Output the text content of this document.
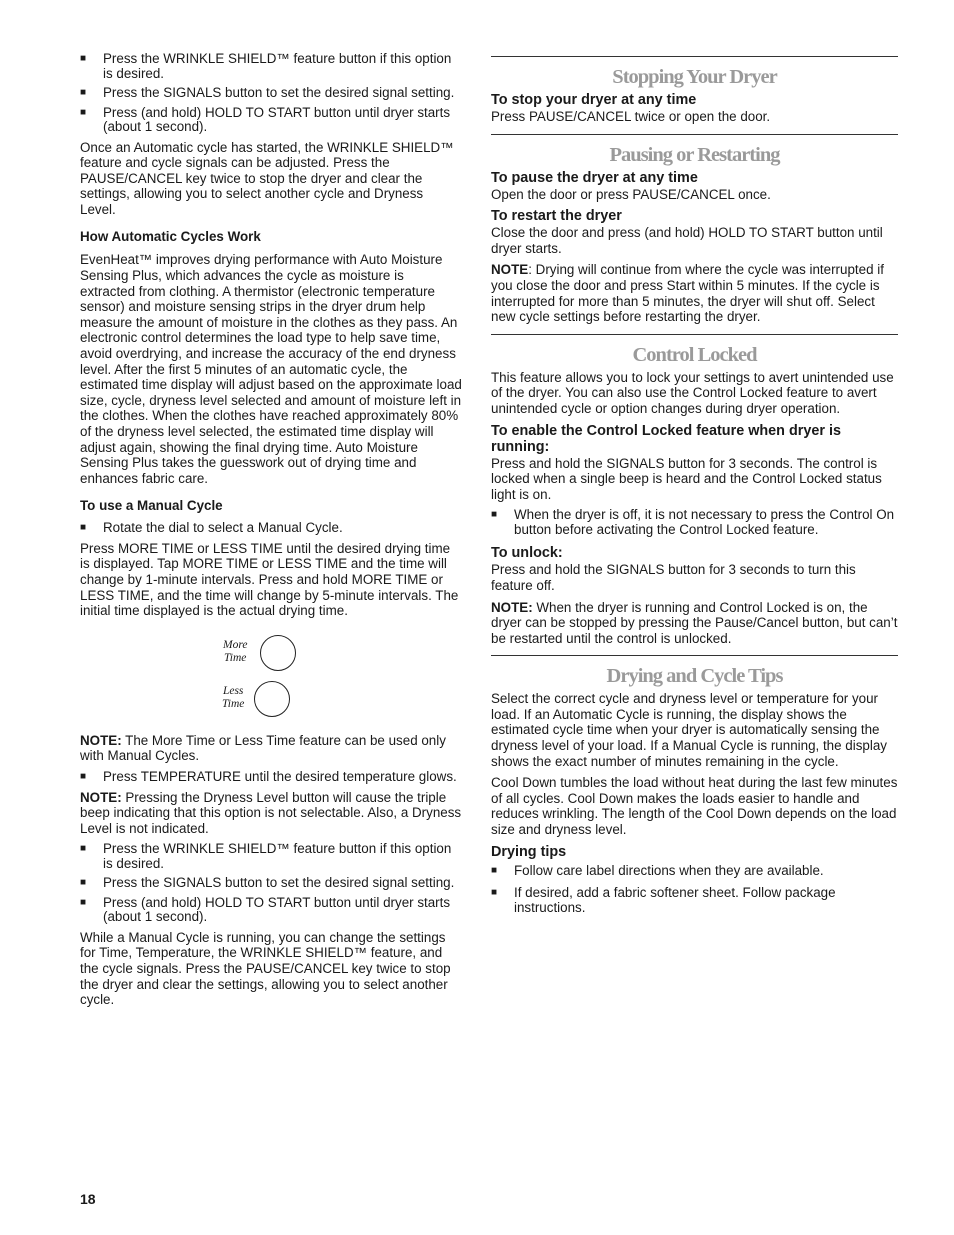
■	Press the WRINKLE SHIELD™ feature button if this option is desired.
■	Press the SIGNALS button to set the desired signal setting.
■	Press (and hold) HOLD TO START button until dryer starts (about 1 second).

Once an Automatic cycle has started, the WRINKLE SHIELD™ feature and cycle signals can be adjusted. Press the PAUSE/CANCEL key twice to stop the dryer and clear the settings, allowing you to select another cycle and Dryness Level.

How Automatic Cycles Work

EvenHeat™ improves drying performance with Auto Moisture Sensing Plus, which advances the cycle as moisture is extracted from clothing. A thermistor (electronic temperature sensor) and moisture sensing strips in the dryer drum help measure the amount of moisture in the clothes as they pass. An electronic control determines the load type to help save time, avoid overdrying, and increase the accuracy of the end dryness level. After the first 5 minutes of an automatic cycle, the estimated time display will adjust based on the approximate load size, cycle, dryness level selected and amount of moisture left in the clothes. When the clothes have reached approximately 80% of the dryness level selected, the estimated time display will adjust again, showing the final drying time. Auto Moisture Sensing Plus takes the guesswork out of drying time and enhances fabric care.

To use a Manual Cycle
■	Rotate the dial to select a Manual Cycle.

Press MORE TIME or LESS TIME until the desired drying time is displayed. Tap MORE TIME or LESS TIME and the time will change by 1-minute intervals. Press and hold MORE TIME or LESS TIME, and the time will change by 5-minute intervals. The initial time displayed is the actual drying time.

More
Time
Less
Time

NOTE: The More Time or Less Time feature can be used only with Manual Cycles.

■	Press TEMPERATURE until the desired temperature glows.

NOTE: Pressing the Dryness Level button will cause the triple beep indicating that this option is not selectable. Also, a Dryness Level is not indicated.

■	Press the WRINKLE SHIELD™ feature button if this option is desired.
■	Press the SIGNALS button to set the desired signal setting.
■	Press (and hold) HOLD TO START button until dryer starts (about 1 second).

While a Manual Cycle is running, you can change the settings for Time, Temperature, the WRINKLE SHIELD™ feature, and the cycle signals. Press the PAUSE/CANCEL key twice to stop the dryer and clear the settings, allowing you to select another cycle.

Stopping Your Dryer
To stop your dryer at any time

Press PAUSE/CANCEL twice or open the door.

Pausing or Restarting
To pause the dryer at any time

Open the door or press PAUSE/CANCEL once.

To restart the dryer

Close the door and press (and hold) HOLD TO START button until dryer starts.

NOTE: Drying will continue from where the cycle was interrupted if you close the door and press Start within 5 minutes. If the cycle is interrupted for more than 5 minutes, the dryer will shut off. Select new cycle settings before restarting the dryer.

Control Locked

This feature allows you to lock your settings to avert unintended use of the dryer. You can also use the Control Locked feature to avert unintended cycle or option changes during dryer operation.

To enable the Control Locked feature when dryer is running:

Press and hold the SIGNALS button for 3 seconds. The control is locked when a single beep is heard and the Control Locked status light is on.

■	When the dryer is off, it is not necessary to press the Control On button before activating the Control Locked feature.
To unlock:

Press and hold the SIGNALS button for 3 seconds to turn this feature off.

NOTE: When the dryer is running and Control Locked is on, the dryer can be stopped by pressing the Pause/Cancel button, but can’t be restarted until the control is unlocked.

Drying and Cycle Tips

Select the correct cycle and dryness level or temperature for your load. If an Automatic Cycle is running, the display shows the estimated cycle time when your dryer is automatically sensing the dryness level of your load. If a Manual Cycle is running, the display shows the exact number of minutes remaining in the cycle.

Cool Down tumbles the load without heat during the last few minutes of all cycles. Cool Down makes the loads easier to handle and reduces wrinkling. The length of the Cool Down depends on the load size and dryness level.

Drying tips
■	Follow care label directions when they are available.
■	If desired, add a fabric softener sheet. Follow package instructions.
18
